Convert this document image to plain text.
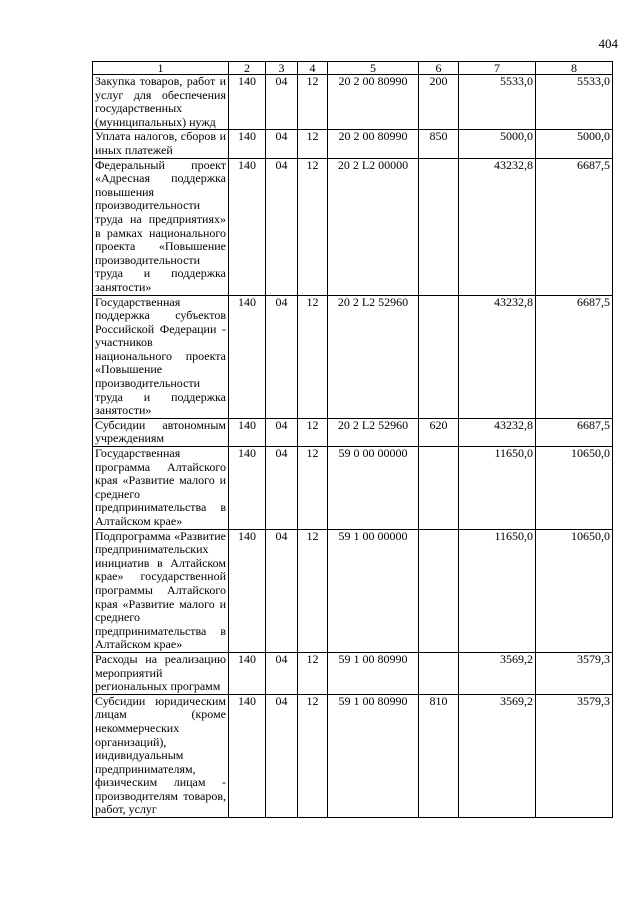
404
1	2	3	4	5	6	7	8
Закупка товаров, работ и услуг для обеспечения государственных (муниципальных) нужд	140	04	12	20 2 00 80990	200	5533,0	5533,0
Уплата налогов, сборов и иных платежей	140	04	12	20 2 00 80990	850	5000,0	5000,0
Федеральный проект «Адресная поддержка повышения производительности труда на предприятиях» в рамках национального проекта «Повышение производительности труда и поддержка занятости»	140	04	12	20 2 L2 00000		43232,8	6687,5
Государственная поддержка субъектов Российской Федерации - участников национального проекта «Повышение производительности труда и поддержка занятости»	140	04	12	20 2 L2 52960		43232,8	6687,5
Субсидии автономным учреждениям	140	04	12	20 2 L2 52960	620	43232,8	6687,5
Государственная программа Алтайского края «Развитие малого и среднего предпринимательства в Алтайском крае»	140	04	12	59 0 00 00000		11650,0	10650,0
Подпрограмма «Развитие предпринимательских инициатив в Алтайском крае» государственной программы Алтайского края «Развитие малого и среднего предпринимательства в Алтайском крае»	140	04	12	59 1 00 00000		11650,0	10650,0
Расходы на реализацию мероприятий региональных программ	140	04	12	59 1 00 80990		3569,2	3579,3
Субсидии юридическим лицам (кроме некоммерческих организаций), индивидуальным предпринимателям, физическим лицам - производителям товаров, работ, услуг	140	04	12	59 1 00 80990	810	3569,2	3579,3
